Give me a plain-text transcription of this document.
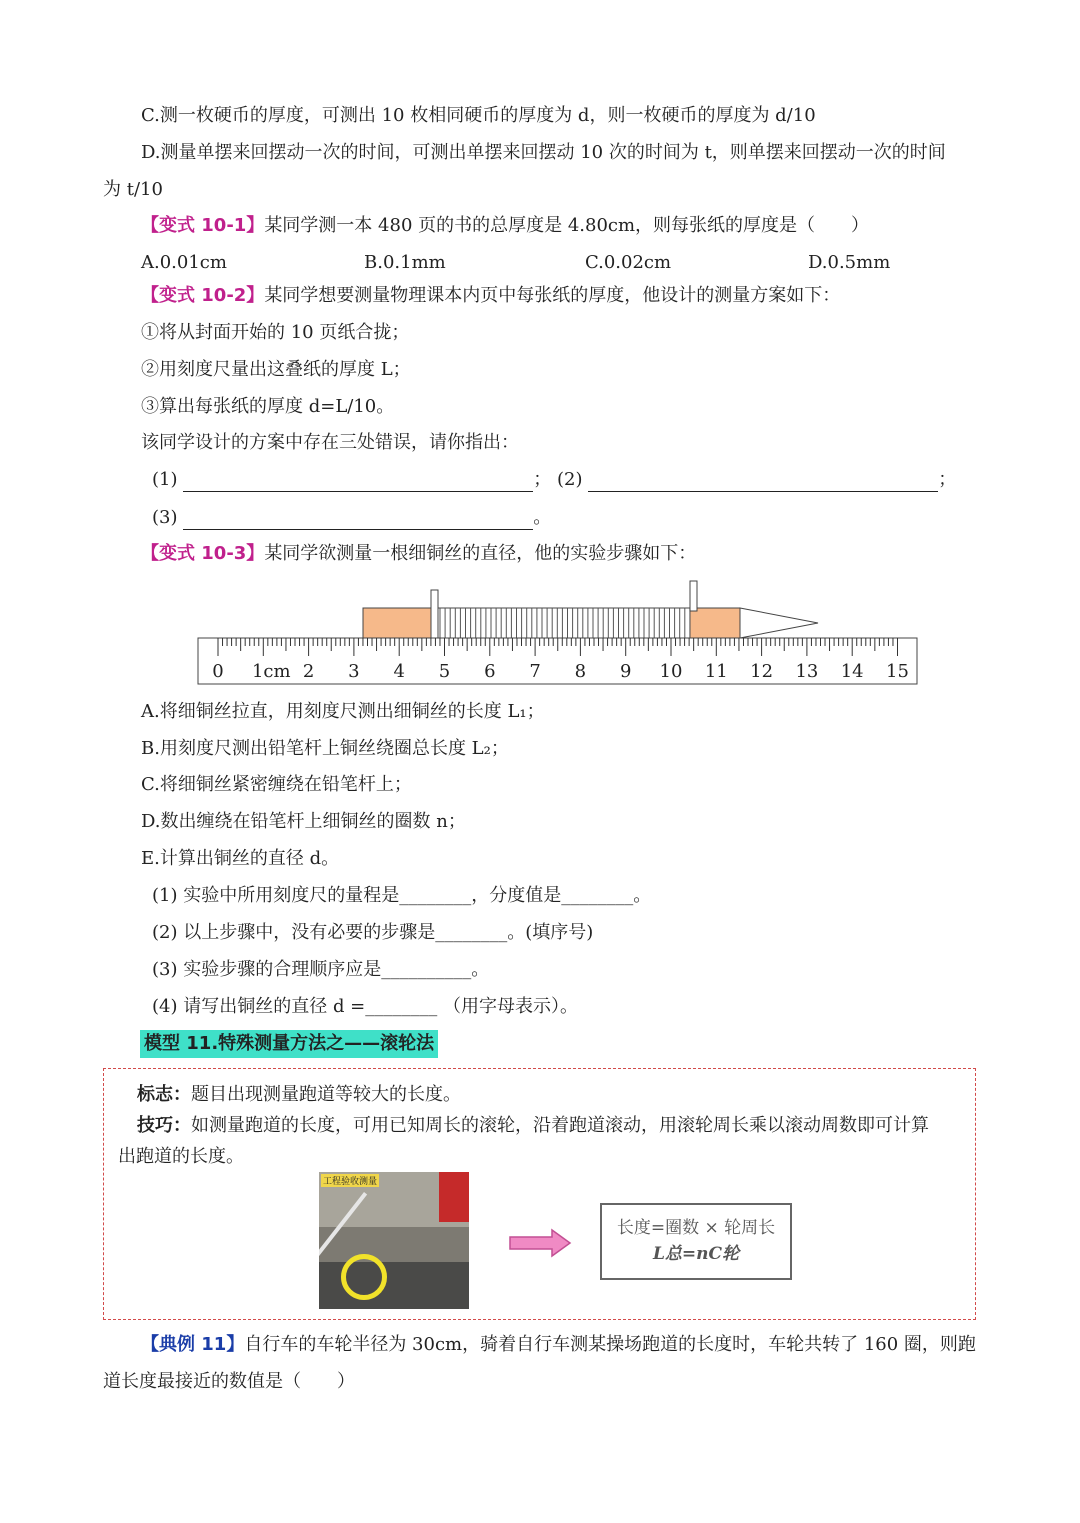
C.测一枚硬币的厚度，可测出 10 枚相同硬币的厚度为 d，则一枚硬币的厚度为 d/10
D.测量单摆来回摆动一次的时间，可测出单摆来回摆动 10 次的时间为 t，则单摆来回摆动一次的时间
为 t/10
【变式 10-1】某同学测一本 480 页的书的总厚度是 4.80cm，则每张纸的厚度是（　　）
A.0.01cm	B.0.1mm	C.0.02cm	D.0.5mm
【变式 10-2】某同学想要测量物理课本内页中每张纸的厚度，他设计的测量方案如下：
①将从封面开始的 10 页纸合拢；
②用刻度尺量出这叠纸的厚度 L；
③算出每张纸的厚度 d=L/10。
该同学设计的方案中存在三处错误，请你指出：
(1)	； (2)	；
(3)	。
【变式 10-3】某同学欲测量一根细铜丝的直径，他的实验步骤如下：
0 1cm 2 3 4 5 6 7 8 9 10 11 12 13 14 15
A.将细铜丝拉直，用刻度尺测出细铜丝的长度 L₁；
B.用刻度尺测出铅笔杆上铜丝绕圈总长度 L₂；
C.将细铜丝紧密缠绕在铅笔杆上；
D.数出缠绕在铅笔杆上细铜丝的圈数 n；
E.计算出铜丝的直径 d。
(1) 实验中所用刻度尺的量程是________，分度值是________。
(2) 以上步骤中，没有必要的步骤是________。(填序号)
(3) 实验步骤的合理顺序应是__________。
(4) 请写出铜丝的直径 d =________ （用字母表示）。
模型 11.特殊测量方法之——滚轮法
标志：题目出现测量跑道等较大的长度。
技巧：如测量跑道的长度，可用已知周长的滚轮，沿着跑道滚动，用滚轮周长乘以滚动周数即可计算
出跑道的长度。
工程验收测量
长度=圈数 × 轮周长
L总=nC轮
【典例 11】自行车的车轮半径为 30cm，骑着自行车测某操场跑道的长度时，车轮共转了 160 圈，则跑
道长度最接近的数值是（　　）
